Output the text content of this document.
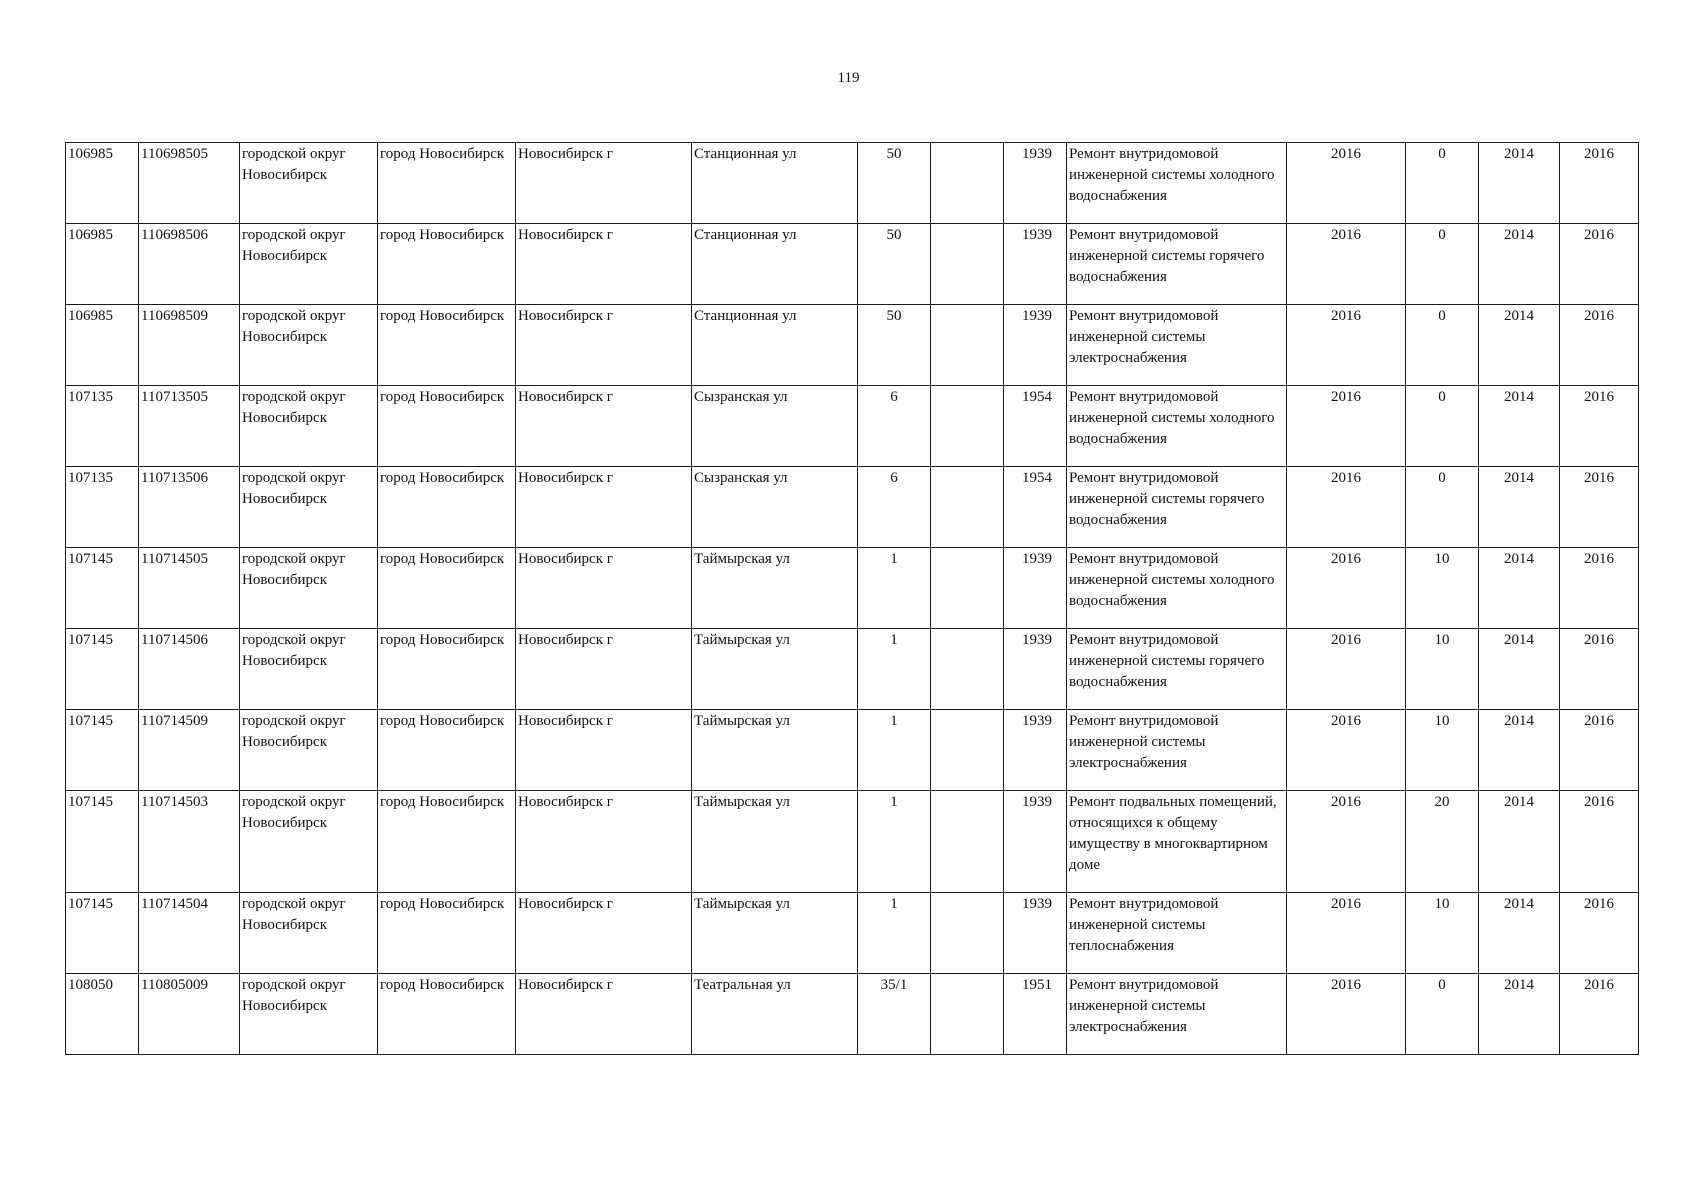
119
106985	110698505	городской округ Новосибирск	город Новосибирск	Новосибирск г	Станционная ул	50		1939	Ремонт внутридомовой инженерной системы холодного водоснабжения	2016	0	2014	2016
106985	110698506	городской округ Новосибирск	город Новосибирск	Новосибирск г	Станционная ул	50		1939	Ремонт внутридомовой инженерной системы горячего водоснабжения	2016	0	2014	2016
106985	110698509	городской округ Новосибирск	город Новосибирск	Новосибирск г	Станционная ул	50		1939	Ремонт внутридомовой инженерной системы электроснабжения	2016	0	2014	2016
107135	110713505	городской округ Новосибирск	город Новосибирск	Новосибирск г	Сызранская ул	6		1954	Ремонт внутридомовой инженерной системы холодного водоснабжения	2016	0	2014	2016
107135	110713506	городской округ Новосибирск	город Новосибирск	Новосибирск г	Сызранская ул	6		1954	Ремонт внутридомовой инженерной системы горячего водоснабжения	2016	0	2014	2016
107145	110714505	городской округ Новосибирск	город Новосибирск	Новосибирск г	Таймырская ул	1		1939	Ремонт внутридомовой инженерной системы холодного водоснабжения	2016	10	2014	2016
107145	110714506	городской округ Новосибирск	город Новосибирск	Новосибирск г	Таймырская ул	1		1939	Ремонт внутридомовой инженерной системы горячего водоснабжения	2016	10	2014	2016
107145	110714509	городской округ Новосибирск	город Новосибирск	Новосибирск г	Таймырская ул	1		1939	Ремонт внутридомовой инженерной системы электроснабжения	2016	10	2014	2016
107145	110714503	городской округ Новосибирск	город Новосибирск	Новосибирск г	Таймырская ул	1		1939	Ремонт подвальных помещений, относящихся к общему имуществу в многоквартирном доме	2016	20	2014	2016
107145	110714504	городской округ Новосибирск	город Новосибирск	Новосибирск г	Таймырская ул	1		1939	Ремонт внутридомовой инженерной системы теплоснабжения	2016	10	2014	2016
108050	110805009	городской округ Новосибирск	город Новосибирск	Новосибирск г	Театральная ул	35/1		1951	Ремонт внутридомовой инженерной системы электроснабжения	2016	0	2014	2016
